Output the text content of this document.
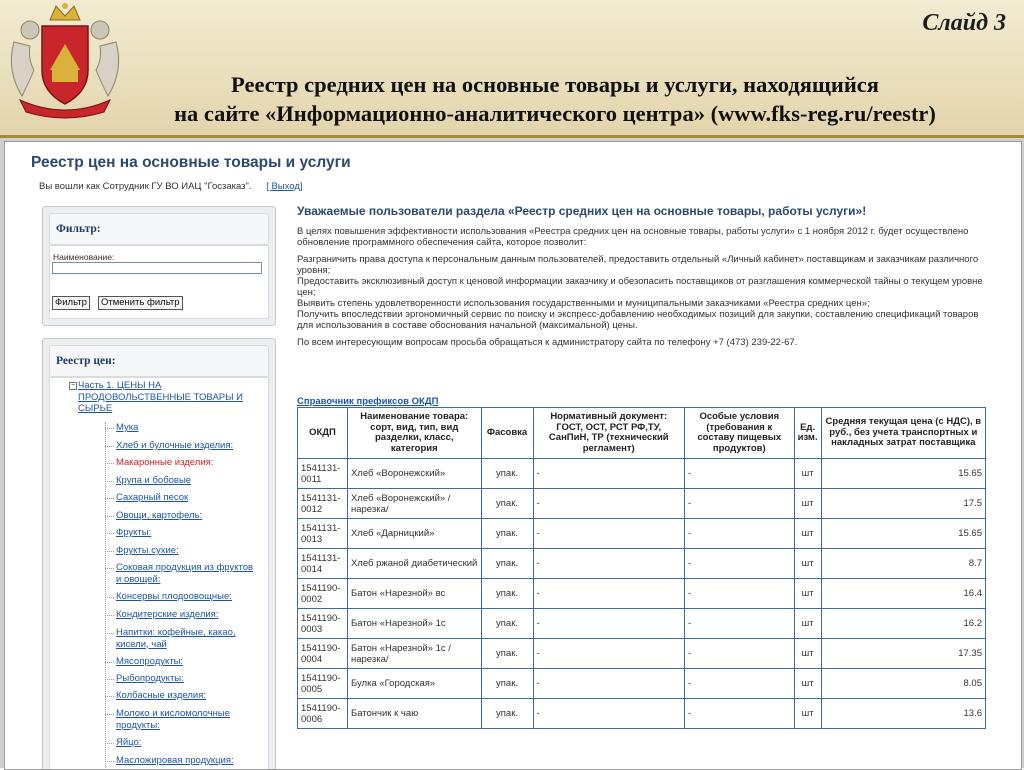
Слайд 3
Реестр средних цен на основные товары и услуги, находящийся
на сайте «Информационно-аналитического центра» (www.fks-reg.ru/reestr)
Реестр цен на основные товары и услуги
Вы вошли как Сотрудник ГУ ВО ИАЦ "Госзаказ". [ Выход]
Фильтр:
Наименование:
Фильтр	Отменить фильтр
Реестр цен:
− Часть 1. ЦЕНЫ НА ПРОДОВОЛЬСТВЕННЫЕ ТОВАРЫ И СЫРЬЕ
Мука
Хлеб и булочные изделия:
Макаронные изделия:
Крупа и бобовые
Сахарный песок
Овощи, картофель:
Фрукты:
Фрукты сухие:
Соковая продукция из фруктов и овощей:
Консервы плодоовощные:
Кондитерские изделия:
Напитки: кофейные, какао, кисели, чай
Мясопродукты:
Рыбопродукты:
Колбасные изделия:
Молоко и кисломолочные продукты:
Яйцо:
Масложировая продукция:
Уважаемые пользователи раздела «Реестр средних цен на основные товары, работы услуги»!

В целях повышения эффективности использования «Реестра средних цен на основные товары, работы услуги» с 1 ноября 2012 г. будет осуществлено обновление программного обеспечения сайта, которое позволит:

Разграничить права доступа к персональным данным пользователей, предоставить отдельный «Личный кабинет» поставщикам и заказчикам различного уровня;
Предоставить эксклюзивный доступ к ценовой информации заказчику и обезопасить поставщиков от разглашения коммерческой тайны о текущем уровне цен;
Выявить степень удовлетворенности использования государственными и муниципальными заказчиками «Реестра средних цен»;
Получить впоследствии эргономичный сервис по поиску и экспресс-добавлению необходимых позиций для закупки, составлению спецификаций товаров для использования в составе обоснования начальной (максимальной) цены.

По всем интересующим вопросам просьба обращаться к администратору сайта по телефону +7 (473) 239-22-67.

Справочник префиксов ОКДП
ОКДП	Наименование товара: сорт, вид, тип, вид разделки, класс, категория	Фасовка	Нормативный документ: ГОСТ, ОСТ, РСТ РФ,ТУ, СанПиН, ТР (технический регламент)	Особые условия (требования к составу пищевых продуктов)	Ед. изм.	Средняя текущая цена (с НДС), в руб., без учета транспортных и накладных затрат поставщика
1541131-0011	Хлеб «Воронежский»	упак.	-	-	шт	15.65
1541131-0012	Хлеб «Воронежский» / нарезка/	упак.	-	-	шт	17.5
1541131-0013	Хлеб «Дарницкий»	упак.	-	-	шт	15.65
1541131-0014	Хлеб ржаной диабетический	упак.	-	-	шт	8.7
1541190-0002	Батон «Нарезной» вс	упак.	-	-	шт	16.4
1541190-0003	Батон «Нарезной» 1с	упак.	-	-	шт	16.2
1541190-0004	Батон «Нарезной» 1с / нарезка/	упак.	-	-	шт	17.35
1541190-0005	Булка «Городская»	упак.	-	-	шт	8.05
1541190-0006	Батончик к чаю	упак.	-	-	шт	13.6
